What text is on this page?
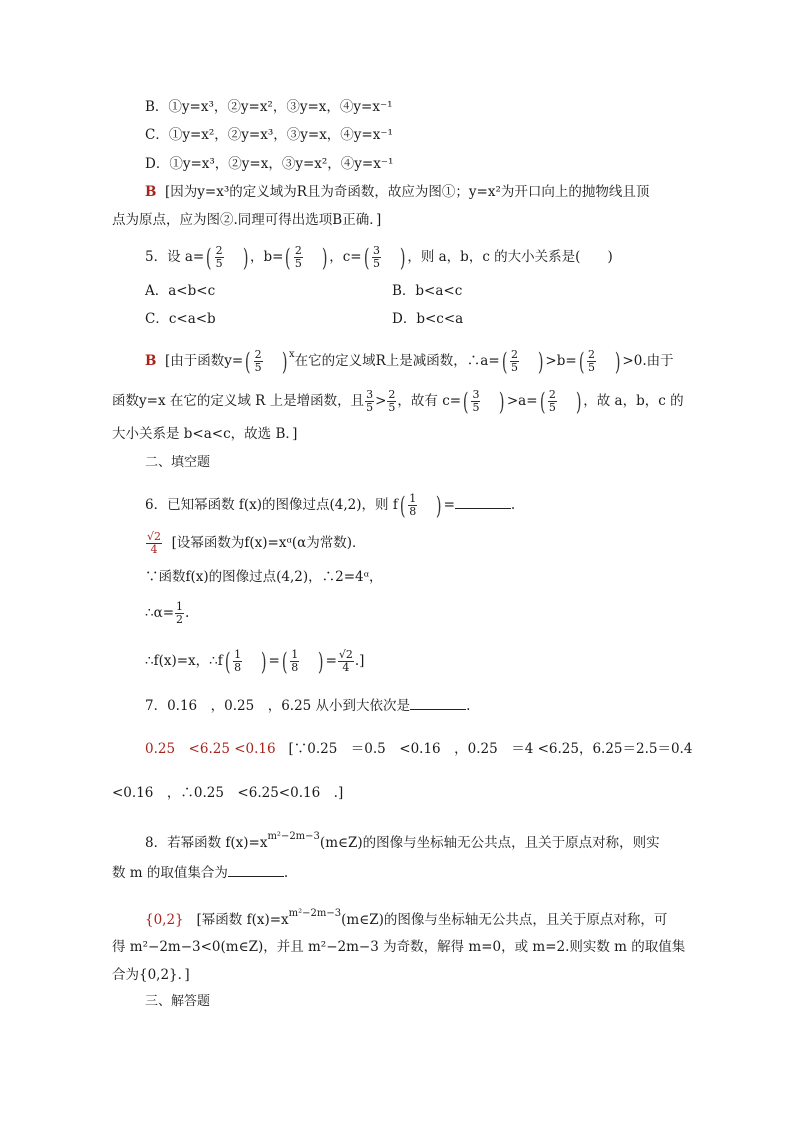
B．①y=x³，②y=x²，③y=x，④y=x⁻¹
C．①y=x²，②y=x³，③y=x，④y=x⁻¹
D．①y=x³，②y=x，③y=x²，④y=x⁻¹
B [因为y=x³的定义域为R且为奇函数，故应为图①；y=x²为开口向上的抛物线且顶
点为原点，应为图②.同理可得出选项B正确．]
5．设 $a=( \frac{2}{5}$ ) ，$b=( \frac{2}{5}$ ) ，$c=( \frac{3}{5}$ ) ，则 a，b，c 的大小关系是(　　)
A．a<b<c	B．b<a<c
C．c<a<b	D．b<c<a
B [由于函数$y=( \frac{2}{5}$ ) $^x$在它的定义域R上是减函数，∴a=( $\frac{2}{5}$ ) $>b=( \frac{2}{5}$ ) >0.由于
函数y=x 在它的定义域 R 上是增函数，且 $\frac{3}{5} > \frac{2}{5}$ ，故有 $c=( \frac{3}{5}$ ) $>a=( \frac{2}{5}$ ) ，故 a，b，c 的
大小关系是 b<a<c，故选 B．]
二、填空题
6．已知幂函数 f(x)的图像过点(4,2)，则 $f( \frac{1}{8}$ ) =	.
$\frac{√2}{4}$ [设幂函数为f(x)=xᵅ(α为常数)．
∵函数f(x)的图像过点(4,2)，∴2=4ᵅ，
∴α= $\frac{1}{2}$ .
∴f(x)=x，∴f( $\frac{1}{8}$ ) =( $\frac{1}{8}$ ) = $\frac{√2}{4}$ .]
7．0.16　，0.25　，6.25 从小到大依次是	.
0.25　<6.25 <0.16 [∵0.25　＝0.5　<0.16　，0.25　＝4 <6.25，6.25＝2.5＝0.4
<0.16　，∴0.25　<6.25<0.16　.]
8．若幂函数 $f(x)=x^{m^2-2m-3}(m\in Z)$的图像与坐标轴无公共点，且关于原点对称，则实
数 m 的取值集合为	.
{0,2} [幂函数 $f(x)=x^{m^2-2m-3}(m\in Z)$的图像与坐标轴无公共点，且关于原点对称，可
得 m²−2m−3<0(m∈Z)，并且 m²−2m−3 为奇数，解得 m=0，或 m=2.则实数 m 的取值集
合为{0,2}．]
三、解答题
